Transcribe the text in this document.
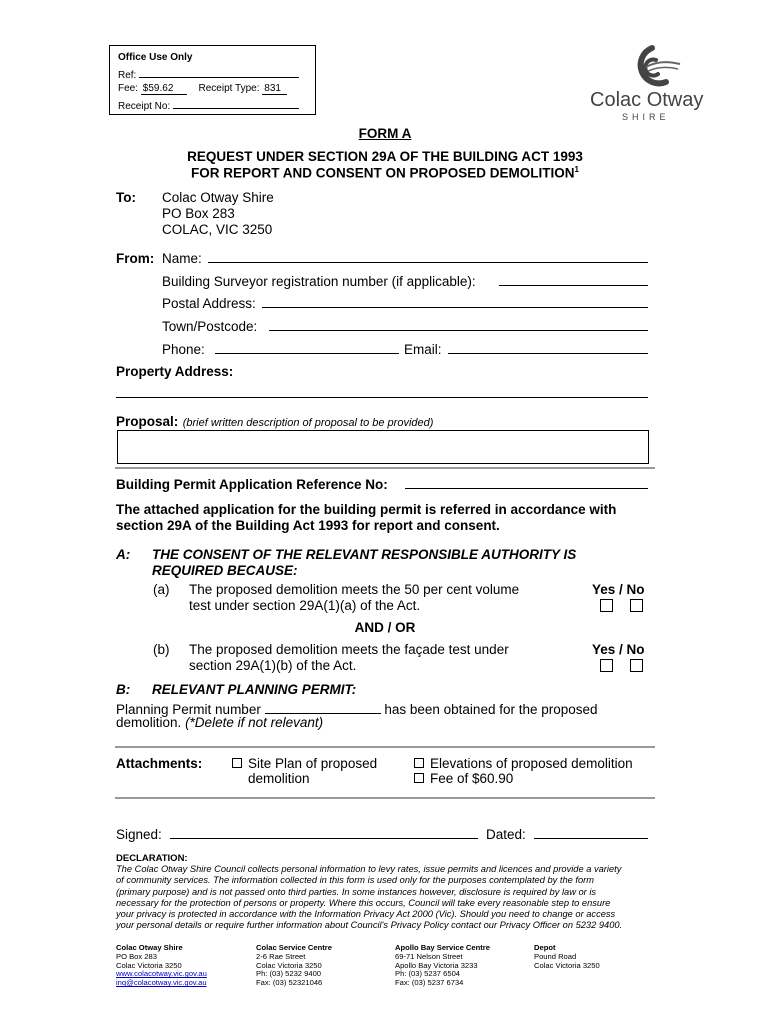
Office Use Only
Ref:
Fee: $59.62	Receipt Type: 831
Receipt No:	Colac Otway
SHIRE
FORM A
REQUEST UNDER SECTION 29A OF THE BUILDING ACT 1993
FOR REPORT AND CONSENT ON PROPOSED DEMOLITION$^1$
To: Colac Otway Shire
PO Box 283
COLAC, VIC 3250
From: Name:
Building Surveyor registration number (if applicable):
Postal Address:
Town/Postcode:
Phone:	Email:
Property Address:
Proposal: (brief written description of proposal to be provided)
Building Permit Application Reference No:
The attached application for the building permit is referred in accordance with
section 29A of the Building Act 1993 for report and consent.
A: THE CONSENT OF THE RELEVANT RESPONSIBLE AUTHORITY IS
REQUIRED BECAUSE:
(a) The proposed demolition meets the 50 per cent volume
test under section 29A(1)(a) of the Act.
Yes / No
AND / OR
(b) The proposed demolition meets the façade test under
section 29A(1)(b) of the Act.
Yes / No
B: RELEVANT PLANNING PERMIT:
Planning Permit number	has been obtained for the proposed
demolition. (*Delete if not relevant)
Attachments:	Site Plan of proposed
demolition
Elevations of proposed demolition
Fee of $60.90
Signed:	Dated:
DECLARATION:
The Colac Otway Shire Council collects personal information to levy rates, issue permits and licences and provide a variety
of community services. The information collected in this form is used only for the purposes contemplated by the form
(primary purpose) and is not passed onto third parties. In some instances however, disclosure is required by law or is
necessary for the protection of persons or property. Where this occurs, Council will take every reasonable step to ensure
your privacy is protected in accordance with the Information Privacy Act 2000 (Vic). Should you need to change or access
your personal details or require further information about Council's Privacy Policy contact our Privacy Officer on 5232 9400.
Colac Otway Shire
PO Box 283
Colac Victoria 3250
www.colacotway.vic.gov.au
inq@colacotway.vic.gov.au
Colac Service Centre
2-6 Rae Street
Colac Victoria 3250
Ph: (03) 5232 9400
Fax: (03) 52321046
Apollo Bay Service Centre
69-71 Nelson Street
Apollo Bay Victoria 3233
Ph: (03) 5237 6504
Fax: (03) 5237 6734
Depot
Pound Road
Colac Victoria 3250
